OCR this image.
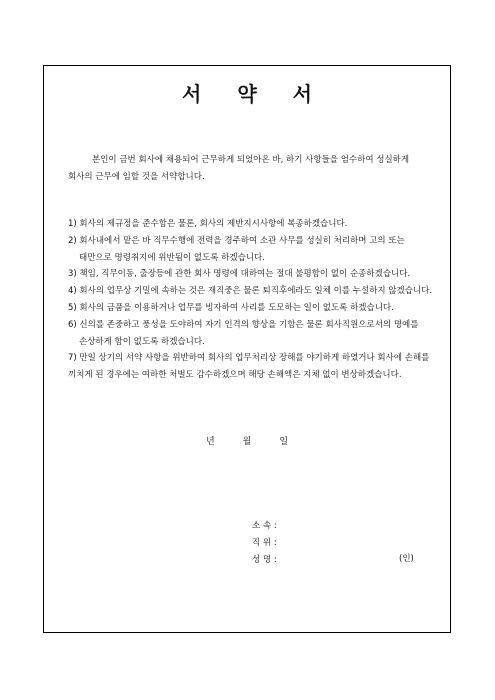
서 약 서
본인이 금번 회사에 채용되어 근무하게 되었아온 바, 하기 사항들을 엄수하여 성실하게
회사의 근무에 임할 것을 서약합니다.
1) 회사의 제규정을 준수함은 물론, 회사의 제반지시사항에 복종하겠습니다.
2) 회사내에서 맡은 바 직무수행에 전력을 경주하여 소관 사무를 성실히 처리하며 고의 또는
태만으로 명령취지에 위반됨이 없도록 하겠습니다.
3) 책임, 직무이동, 출장등에 관한 회사 명령에 대하여는 절대 불평함이 없이 순종하겠습니다.
4) 회사의 업무상 기밀에 속하는 것은 재직중은 물론 퇴직후에라도 일체 이를 누설하지 않겠습니다.
5) 회사의 금품을 이용하거나 업무를 빙자하여 사리를 도모하는 일이 없도록 하겠습니다.
6) 신의를 존중하고 풍성을 도야하여 자기 인격의 향상을 기함은 물론 회사직원으로서의 명예를
손상하게 함이 없도록 하겠습니다.
7) 만일 상기의 서약 사항을 위반하여 회사의 업무처리상 장해를 야기하게 하였거나 회사에 손해를
끼치게 된 경우에는 여하한 처벌도 감수하겠으며 해당 손해액은 지체 없이 변상하겠습니다.
년	월	일
소 속 :
직 위 :
성 명 :	(인)
